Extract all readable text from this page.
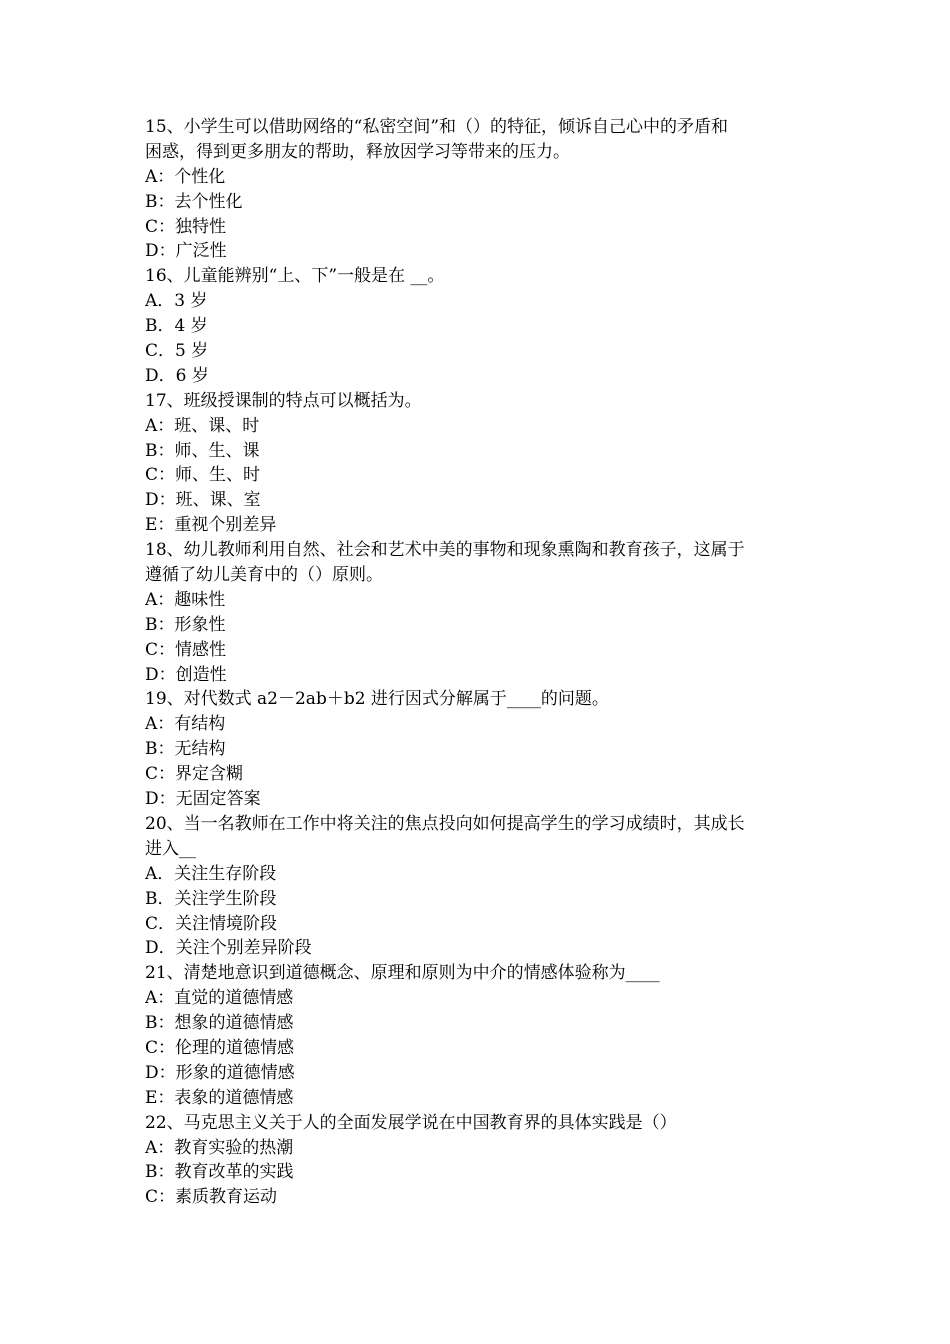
15、小学生可以借助网络的“私密空间”和（）的特征，倾诉自己心中的矛盾和
困惑，得到更多朋友的帮助，释放因学习等带来的压力。
A：个性化
B：去个性化
C：独特性
D：广泛性
16、儿童能辨别“上、下”一般是在 __。
A．3 岁
B．4 岁
C．5 岁
D．6 岁
17、班级授课制的特点可以概括为。
A：班、课、时
B：师、生、课
C：师、生、时
D：班、课、室
E：重视个别差异
18、幼儿教师利用自然、社会和艺术中美的事物和现象熏陶和教育孩子，这属于
遵循了幼儿美育中的（）原则。
A：趣味性
B：形象性
C：情感性
D：创造性
19、对代数式 a2－2ab＋b2 进行因式分解属于____的问题。
A：有结构
B：无结构
C：界定含糊
D：无固定答案
20、当一名教师在工作中将关注的焦点投向如何提高学生的学习成绩时，其成长
进入__
A．关注生存阶段
B．关注学生阶段
C．关注情境阶段
D．关注个别差异阶段
21、清楚地意识到道德概念、原理和原则为中介的情感体验称为____
A：直觉的道德情感
B：想象的道德情感
C：伦理的道德情感
D：形象的道德情感
E：表象的道德情感
22、马克思主义关于人的全面发展学说在中国教育界的具体实践是（）
A：教育实验的热潮
B：教育改革的实践
C：素质教育运动
